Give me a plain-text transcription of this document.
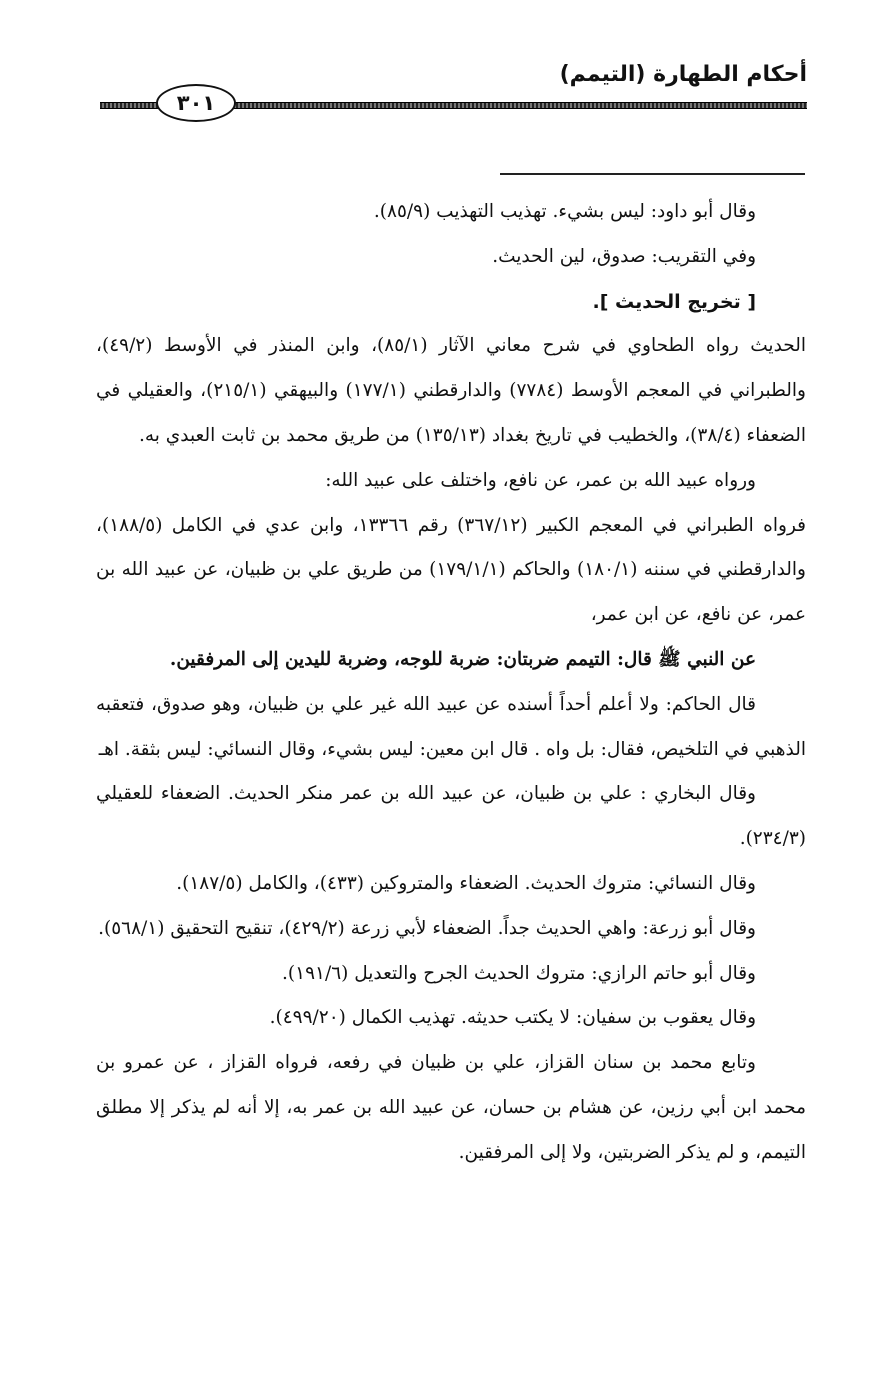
أحكام الطهارة (التيمم)
٣٠١

وقال أبو داود: ليس بشيء. تهذيب التهذيب (٨٥/٩).

وفي التقريب: صدوق، لين الحديث.

[ تخريج الحديث ].

الحديث رواه الطحاوي في شرح معاني الآثار (٨٥/١)، وابن المنذر في الأوسط (٤٩/٢)، والطبراني في المعجم الأوسط (٧٧٨٤) والدارقطني (١٧٧/١) والبيهقي (٢١٥/١)، والعقيلي في الضعفاء (٣٨/٤)، والخطيب في تاريخ بغداد (١٣٥/١٣) من طريق محمد بن ثابت العبدي به.

ورواه عبيد الله بن عمر، عن نافع، واختلف على عبيد الله:

فرواه الطبراني في المعجم الكبير (٣٦٧/١٢) رقم ١٣٣٦٦، وابن عدي في الكامل (١٨٨/٥)، والدارقطني في سننه (١٨٠/١) والحاكم (١٧٩/١/١) من طريق علي بن ظبيان، عن عبيد الله بن عمر، عن نافع، عن ابن عمر،

عن النبي ﷺ قال: التيمم ضربتان: ضربة للوجه، وضربة لليدين إلى المرفقين.

قال الحاكم: ولا أعلم أحداً أسنده عن عبيد الله غير علي بن ظبيان، وهو صدوق، فتعقبه الذهبي في التلخيص، فقال: بل واه . قال ابن معين: ليس بشيء، وقال النسائي: ليس بثقة. اهـ

وقال البخاري : علي بن ظبيان، عن عبيد الله بن عمر منكر الحديث. الضعفاء للعقيلي (٢٣٤/٣).

وقال النسائي: متروك الحديث. الضعفاء والمتروكين (٤٣٣)، والكامل (١٨٧/٥).

وقال أبو زرعة: واهي الحديث جداً. الضعفاء لأبي زرعة (٤٢٩/٢)، تنقيح التحقيق (٥٦٨/١).

وقال أبو حاتم الرازي: متروك الحديث الجرح والتعديل (١٩١/٦).

وقال يعقوب بن سفيان: لا يكتب حديثه. تهذيب الكمال (٤٩٩/٢٠).

وتابع محمد بن سنان القزاز، علي بن ظبيان في رفعه، فرواه القزاز ، عن عمرو بن محمد ابن أبي رزين، عن هشام بن حسان، عن عبيد الله بن عمر به، إلا أنه لم يذكر إلا مطلق التيمم، و لم يذكر الضربتين، ولا إلى المرفقين.
